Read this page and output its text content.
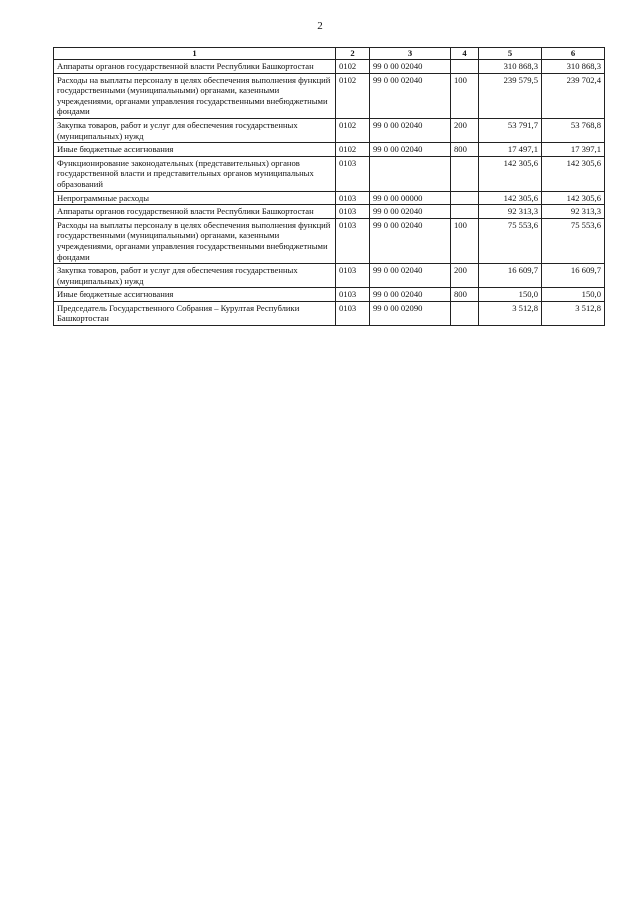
2
1	2	3	4	5	6
Аппараты органов государственной власти Республики Башкортостан	0102	99 0 00 02040		310 868,3	310 868,3
Расходы на выплаты персоналу в целях обеспечения выполнения функций государственными (муниципальными) органами, казенными учреждениями, органами управления государственными внебюджетными фондами	0102	99 0 00 02040	100	239 579,5	239 702,4
Закупка товаров, работ и услуг для обеспечения государственных (муниципальных) нужд	0102	99 0 00 02040	200	53 791,7	53 768,8
Иные бюджетные ассигнования	0102	99 0 00 02040	800	17 497,1	17 397,1
Функционирование законодательных (представительных) органов государственной власти и представительных органов муниципальных образований	0103			142 305,6	142 305,6
Непрограммные расходы	0103	99 0 00 00000		142 305,6	142 305,6
Аппараты органов государственной власти Республики Башкортостан	0103	99 0 00 02040		92 313,3	92 313,3
Расходы на выплаты персоналу в целях обеспечения выполнения функций государственными (муниципальными) органами, казенными учреждениями, органами управления государственными внебюджетными фондами	0103	99 0 00 02040	100	75 553,6	75 553,6
Закупка товаров, работ и услуг для обеспечения государственных (муниципальных) нужд	0103	99 0 00 02040	200	16 609,7	16 609,7
Иные бюджетные ассигнования	0103	99 0 00 02040	800	150,0	150,0
Председатель Государственного Собрания – Курултая Республики Башкортостан	0103	99 0 00 02090		3 512,8	3 512,8
